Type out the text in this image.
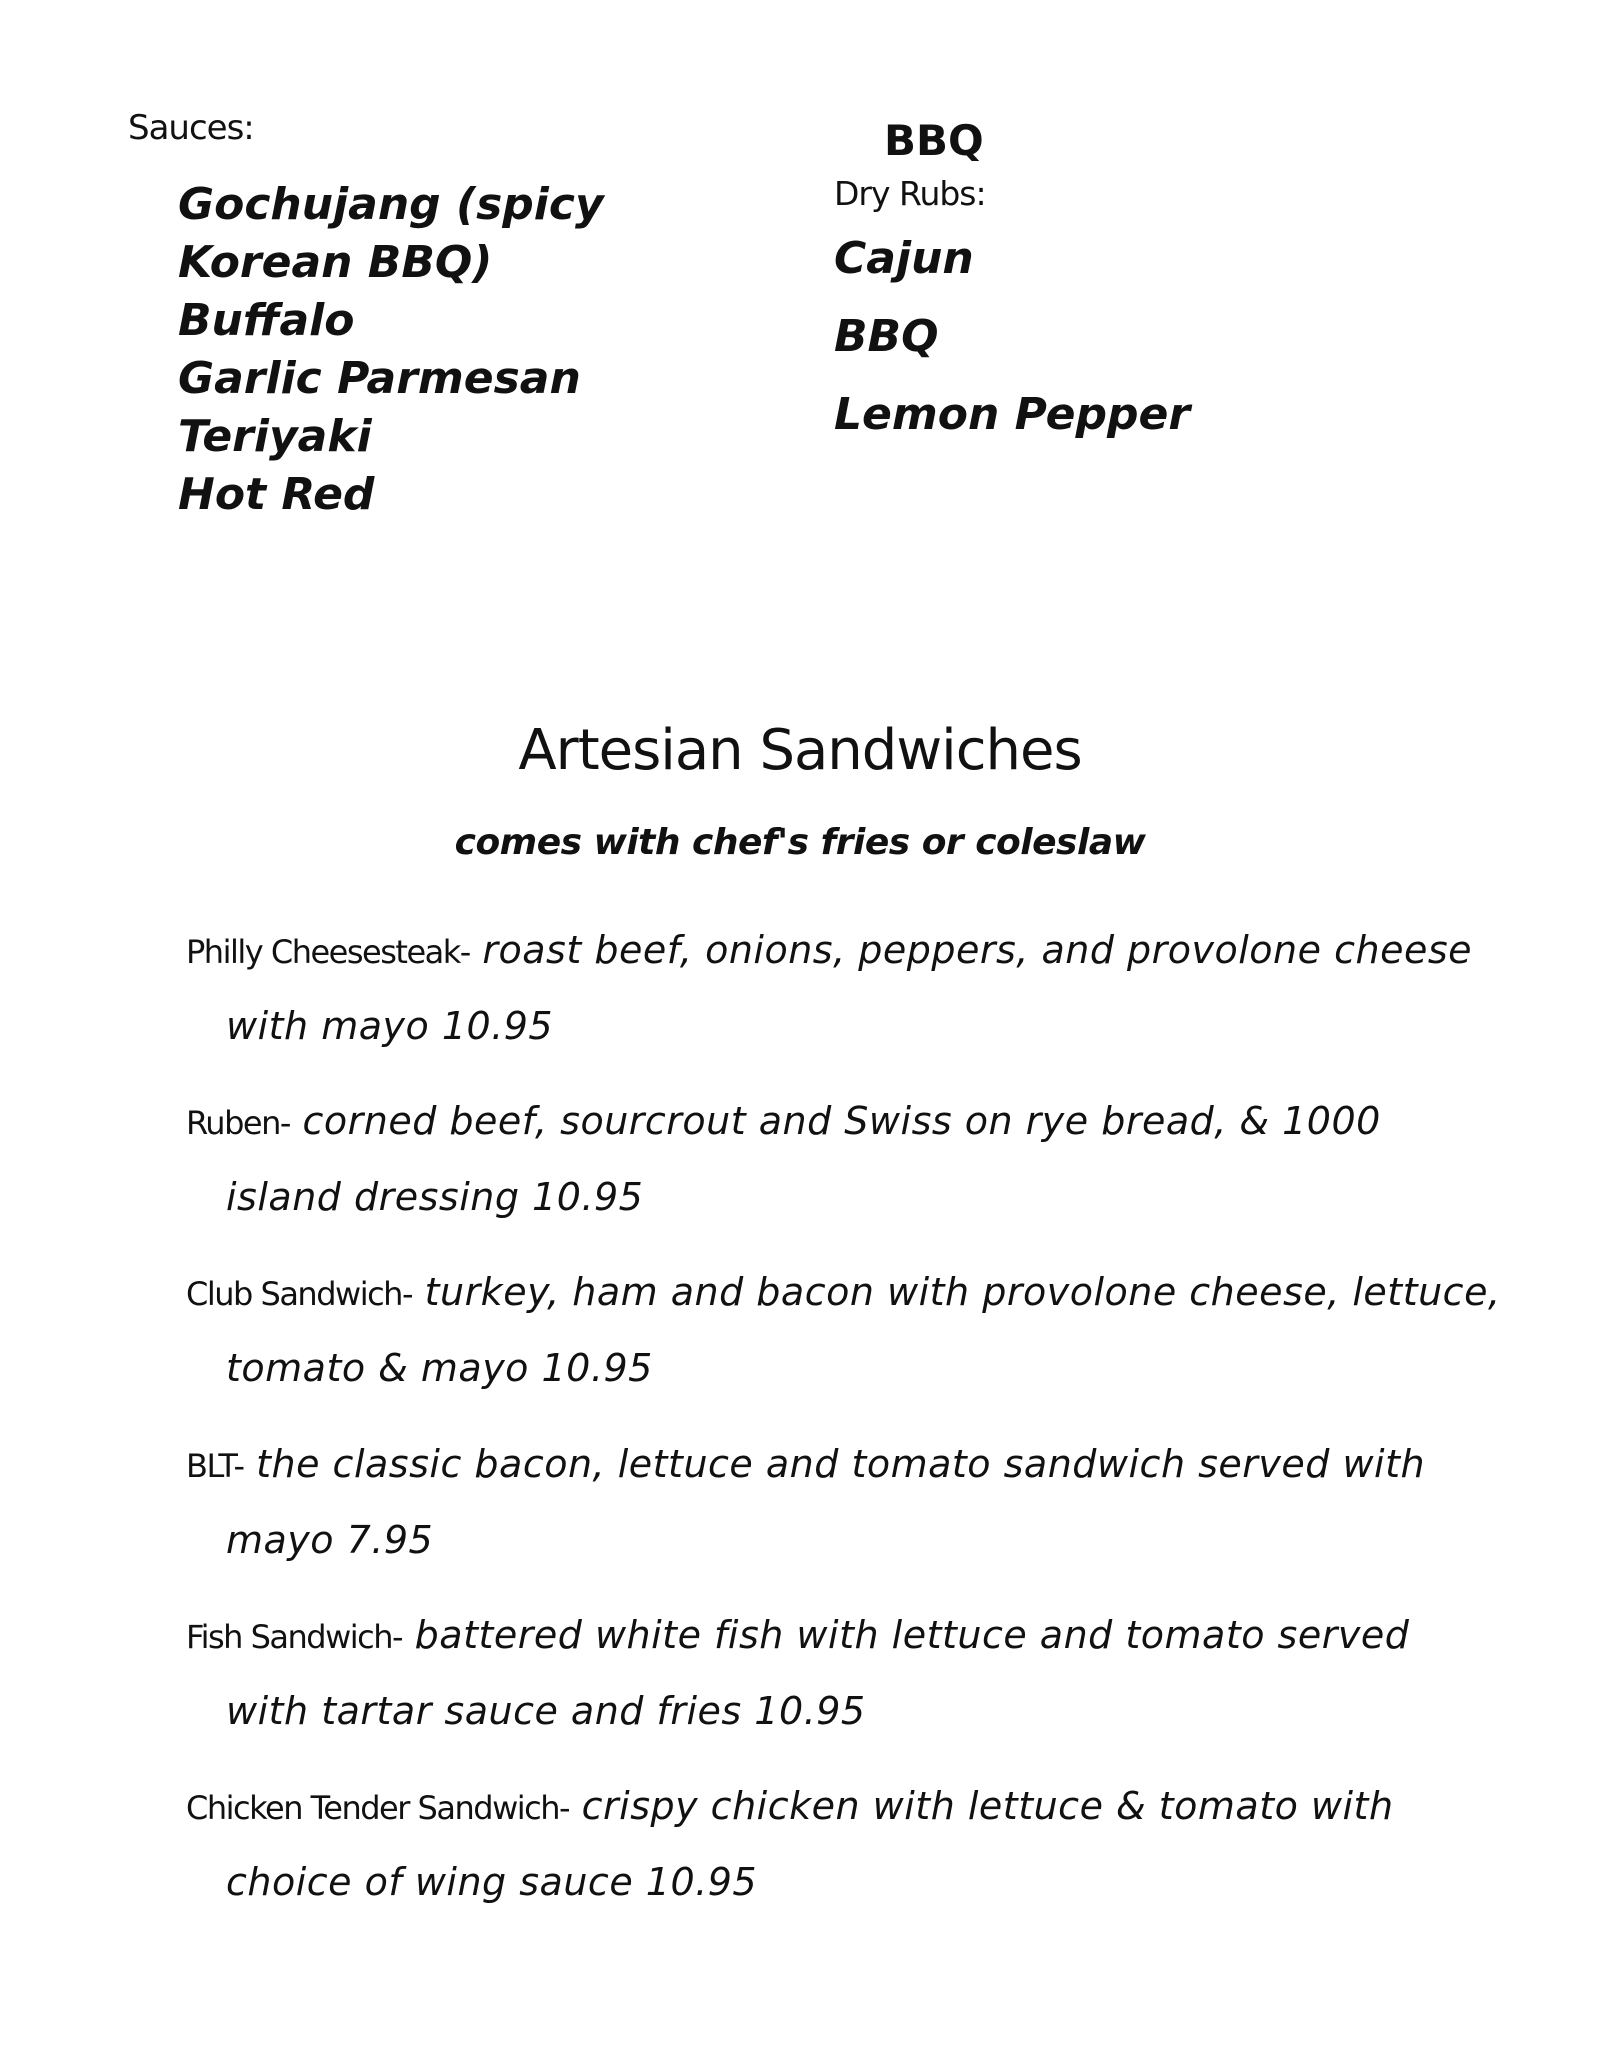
Sauces:
Gochujang (spicy Korean BBQ)
Buffalo
Garlic Parmesan
Teriyaki
Hot Red
BBQ
Dry Rubs:
Cajun
BBQ
Lemon Pepper
Artesian Sandwiches
comes with chef's fries or coleslaw
Philly Cheesesteak- roast beef, onions, peppers, and provolone cheese
with mayo 10.95
Ruben- corned beef, sourcrout and Swiss on rye bread, & 1000
island dressing 10.95
Club Sandwich- turkey, ham and bacon with provolone cheese, lettuce,
tomato & mayo 10.95
BLT- the classic bacon, lettuce and tomato sandwich served with
mayo 7.95
Fish Sandwich- battered white fish with lettuce and tomato served
with tartar sauce and fries 10.95
Chicken Tender Sandwich- crispy chicken with lettuce & tomato with
choice of wing sauce 10.95
